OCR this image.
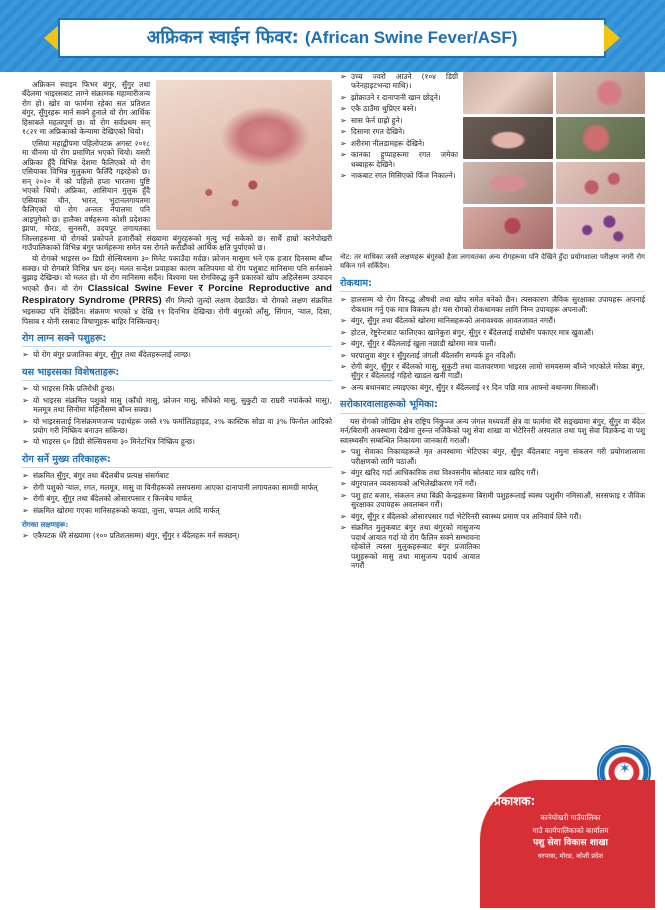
अफ्रिकन स्वाईन फिवर: (African Swine Fever/ASF)

अफ्रिकन स्वाइन फिभर बंगुर, सुँगुर तथा बँदेलमा भाइरसबाट लाग्ने संक्रामक महामारीजन्य रोग हो। खोर वा फार्ममा रहेका सत प्रतिशत बंगुर, सुँगुरहरू मार्न सक्ने हुनाले यो रोग आर्थिक हिसाबले महत्वपूर्ण छ। यो रोग सर्वप्रथम सन् १८२१ मा अफ्रिकाको केन्यामा देखिएको थियो।

एसिया महाद्वीपमा पहिलोपटक अगस्ट २०१८ मा चीनमा यो रोग प्रमाणित भएको थियो। यसरी अफ्रिका हुँदै विभिन्न देशमा फैलिएको यो रोग एसियाका विभिन्न मुलुकमा फैलिँदै गइरहेको छ। सन् २०२० मे को पहिलो हप्ता भारतमा पुष्टि भएको थियो। अफ्रिका, आसियान मुलुक हुँदै एसियाका चीन, भारत, भुटानलगायतमा फैलिएको यो रोग अन्ततः नेपालमा पनि आइपुगेको छ। हालैका वर्षहरूमा कोशी प्रदेशका झापा, मोरङ, सुनसरी, उदयपुर लगायतका जिल्लाहरूमा यो रोगको प्रकोपले हजारौंको संख्यामा बंगुरहरूको मृत्यु भई सकेको छ। सार्थै हाम्रो कानेपोखरी गाउँपालिकाको विभिन्न बंगुर फार्महरूमा समेत यस रोगले करोडौंको आर्थिक क्षति पुर्याएको छ।

यो रोगको भाइरस ७० डिग्री सेल्सियसमा ३० मिनेट पकाउँदा मर्दछ। फ्रोजन मासुमा भने एक हजार दिनसम्म बाँच्न सक्छ। यो रोगबारे विभिन्न भ्रम छन्। मलत सन्देश प्रवाहका कारण कतिपयमा यो रोग पशुबाट मानिसमा पनि सर्नसक्ने बुझाइ देखिन्छ। यो मलत हो। यो रोग मानिसमा सर्दैन। विश्वमा यस रोगविरुद्ध कुनै प्रकारको खोप अहिलेसम्म उत्पादन भएको छैन। यो रोग Classical Swine Fever र Porcine Reproductive and Respiratory Syndrome (PRRS) सँग मिल्दो जुल्दो लक्षण देखाउँछ। यो रोगको लक्षण संक्रमित भइसक्दा पनि देखिँदैन। संक्रमण भएको ४ देखि १९ दिनभित्र देखिन्छ। रोगी बंगुरको आँसु, सिंगान, र्‍याल, दिसा, पिसाब र योनी रसबाट विषाणुहरू बाहिर निस्किन्छन्।

रोग लाग्न सक्ने पशुहरू:
➢ यो रोग बंगुर प्रजातिका बंगुर, सुँगुर तथा बँदेलहरूलाई लाग्छ।
यस भाइरसका विशेषताहरू:
➢ यो भाइरस निकै प्रतिरोधी हुन्छ।
➢ यो भाइरस संक्रमित पशुको मासु (काँचो मासु, फ्रोजन मासु, सौंधेको मासु, सुकुटी वा राम्ररी नपाकेको मासु), मलमूत्र तथा सिनोमा महिनौंसम्म बाँच्न सक्छ।
➢ यो भाइरसलाई निःसंक्रमणजन्य पदार्थहरू जस्तै १% फर्मालिडहाइड, २% कास्टिक सोडा वा ३% फिनोल आदिको प्रयोग गरी निष्क्रिय बनाउन सकिन्छ।
➢ यो भाइरस ६० डिग्री सेल्सियसमा ३० मिनेटभित्र निष्क्रिय हुन्छ।
रोग सर्ने मुख्य तरिकाहरू:
➢ संक्रमित सुँगुर, बंगुर तथा बँदेलबीच प्रत्यक्ष संसर्गबाट
➢ रोगी पशुको र्‍याल, रगत, मलमूत्र, मासु वा यिनीहरूको लसपसमा आएका दानापानी लगायतका सामग्री मार्फत्
➢ रोगी बंगुर, सुँगुर तथा बँदेलको ओसारपसार र किनबेच मार्फत्
➢ संक्रमित खोरमा गएका मानिसहरूको कपडा, जुत्ता, चप्पल आदि मार्फत्
रोगका लक्षणहरू:
➢ एकैपटक धेरै संख्यामा (१०० प्रतिशतसम्म) बंगुर, सुँगुर र बँदेलहरू मर्न सक्छन्।
➢ उच्च ज्वरो आउने (१०४ डिग्री फरेनहाइटभन्दा माथि)।
➢ झोक्राउने र दानापानी खान छोड्ने।
➢ एकै ठाउँमा थुप्रिएर बस्ने।
➢ सास फेर्न ग्राह्रो हुने।
➢ दिसामा रगत देखिने।
➢ शरीरमा नीलडामहरू देखिने।
➢ कानका हुप्पाहरूमा रगत जमेका धब्बाहरू देखिने।
➢ नाकबाट रगत मिसिएको फिँज निकाल्ने।

नोट: तर माथिका जस्तै लक्षणहरू बंगुरको हैजा लगायतका अन्य रोगहरूमा पनि देखिने हुँदा प्रयोगशाला परीक्षण नगरी रोग यकिन गर्न सकिँदैन।

रोकथाम:
➢ हालसम्म यो रोग विरुद्ध औषधी तथा खोप समेत बनेको छैन। त्यसकारण जैविक सुरक्षाका उपायहरू अपनाई रोकथाम गर्नु एक मात्र विकल्प हो। यस रोगको रोकथामका लागि निम्न उपायहरू अपनाऔं:
➢ बंगुर, सुँगुर तथा बँदेलको खोरमा मानिसहरूको अनावश्यक आवतजावत नगरौं।
➢ होटल, रेष्टुरेन्टबाट फालिएका खानेकुरा बंगुर, सुँगुर र बँदेललाई राम्रोसँग पकाएर मात्र खुवाऔं।
➢ बंगुर, सुँगुर र बँदेललाई खुला नछाडी खोरमा मात्र पालौं।
➢ घरपालुवा बंगुर र सुँगुरलाई जंगली बँदेलसँग सम्पर्क हुन नदिऔं।
➢ रोगी बंगुर, सुँगुर र बँदेलको मासु, सुकुटी तथा वातावरणमा भाइरस लामो समयसम्म बाँच्ने भएकोले मरेका बंगुर, सुँगुर र बँदेललाई गहिरो खाडल खनी गाडौं।
➢ अन्य बथानबाट ल्याइएका बंगुर, सुँगुर र बँदेललाई २१ दिन पछि मात्र आफ्नो बथानमा मिसाऔं।
सरोकारवालाहरूको भूमिका:

यस रोगको जोखिम क्षेत्र राष्ट्रिय निकुञ्ज अन्य जंगल मध्यवर्ती क्षेत्र वा फार्ममा धेरै सङ्ख्यामा बंगुर, सुँगुर वा बँदेल मर्न/बिरामी अवस्थामा देखेमा तुरुन्त नजिकैको पशु सेवा शाखा वा भेटेरिनरी अस्पताल तथा पशु सेवा विज्ञकेन्द्र वा पशु स्वास्थ्यसँग सम्बन्धित निकायमा जानकारी गराऔं।

➢ पशु सेवाका निकायहरूले मृत अवस्थामा भेटिएका बंगुर, सुँगुर बँदेलबाट नमुना संकलन गरी प्रयोगशालामा परीक्षणको लागि पठाऔं।
➢ बंगुर खरिद गर्दा आधिकारिक तथा विश्वसनीय स्रोतबाट मात्र खरिद गरौं।
➢ बंगुरपालन व्यवसायको अभिलेखीकरण गर्ने गरौं।
➢ पशु हाट बजार, संकलन तथा बिक्री केन्द्रहरूमा बिरामी पशुहरूलाई स्वस्थ पशुसँग नमिसाऔं, सरसफाइ र जैविक सुरक्षाका उपायहरू अवलम्बन गरौं।
➢ बंगुर, सुँगुर र बँदेलको ओसारपसार गर्दा भेटेरिनरी स्वास्थ्य प्रमाण पत्र अनिवार्य लिने गरौं।
➢ संक्रमित मुलुकबाट बंगुर तथा बंगुरको मासुजन्य पदार्थ आयात गर्दा यो रोग फैलिन सक्ने सम्भावना रहेकोले त्यस्ता मुलुकहरूबाट बंगुर प्रजातिका पशुहरूको मासु तथा मासुजन्य पदार्थ आयात नगरौं
✶
प्रकाशक:
कानेपोखरी गाउँपालिका
गाउँ कार्यपालिकाको कार्यालय
पशु सेवा विकास शाखा
वरपरस, मोरङ, कोशी प्रदेश
